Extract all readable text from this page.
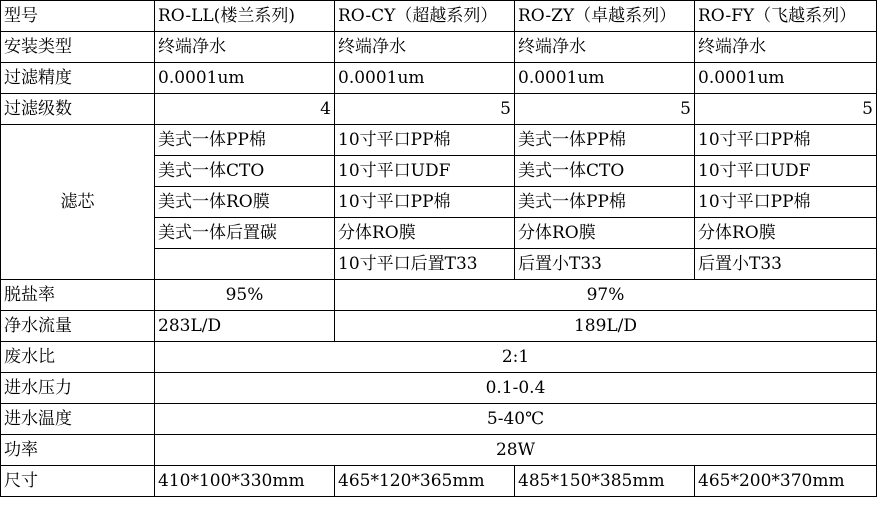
型号	RO-LL(楼兰系列)	RO-CY（超越系列）	RO-ZY（卓越系列）	RO-FY（飞越系列）
安装类型	终端净水	终端净水	终端净水	终端净水
过滤精度	0.0001um	0.0001um	0.0001um	0.0001um
过滤级数	4	5	5	5
滤芯	美式一体PP棉	10寸平口PP棉	美式一体PP棉	10寸平口PP棉
	美式一体CTO	10寸平口UDF	美式一体CTO	10寸平口UDF
	美式一体RO膜	10寸平口PP棉	美式一体PP棉	10寸平口PP棉
	美式一体后置碳	分体RO膜	分体RO膜	分体RO膜
		10寸平口后置T33	后置小T33	后置小T33
脱盐率	95%	97%		
净水流量	283L/D	189L/D		
废水比	2:1			
进水压力	0.1-0.4			
进水温度	5-40℃			
功率	28W			
尺寸	410*100*330mm	465*120*365mm	485*150*385mm	465*200*370mm
